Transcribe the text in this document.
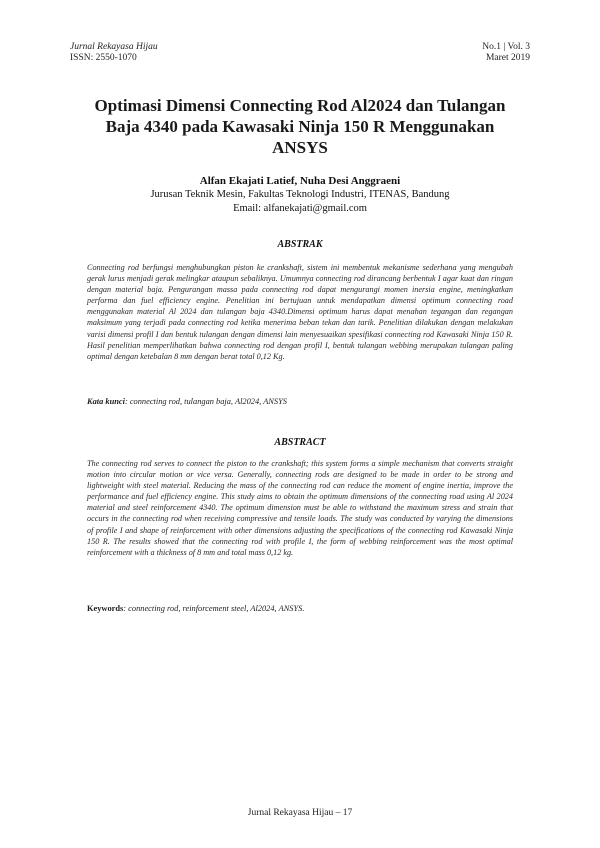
Jurnal Rekayasa Hijau
ISSN: 2550-1070
No.1 | Vol. 3
Maret 2019
Optimasi Dimensi Connecting Rod Al2024 dan Tulangan
Baja 4340 pada Kawasaki Ninja 150 R Menggunakan
ANSYS
Alfan Ekajati Latief, Nuha Desi Anggraeni
Jurusan Teknik Mesin, Fakultas Teknologi Industri, ITENAS, Bandung
Email: alfanekajati@gmail.com
ABSTRAK
Connecting rod berfungsi menghubungkan piston ke crankshaft, sistem ini membentuk mekanisme sederhana yang mengubah gerak lurus menjadi gerak melingkar ataupun sebaliknya. Umumnya connecting rod dirancang berbentuk I agar kuat dan ringan dengan material baja. Pengurangan massa pada connecting rod dapat mengurangi momen inersia engine, meningkatkan performa dan fuel efficiency engine. Penelitian ini bertujuan untuk mendapatkan dimensi optimum connecting road menggunakan material Al 2024 dan tulangan baja 4340.Dimensi optimum harus dapat menahan tegangan dan regangan maksimum yang terjadi pada connecting rod ketika menerima beban tekan dan tarik. Penelitian dilakukan dengan melakukan varisi dimensi profil I dan bentuk tulangan dengan dimensi lain menyesuaikan spesifikasi connecting rod Kawasaki Ninja 150 R. Hasil penelitian memperlihatkan bahwa connecting rod dengan profil I, bentuk tulangan webbing merupakan tulangan paling optimal dengan ketebalan 8 mm dengan berat total 0,12 Kg.
Kata kunci: connecting rod, tulangan baja, Al2024, ANSYS
ABSTRACT
The connecting rod serves to connect the piston to the crankshaft; this system forms a simple mechanism that converts straight motion into circular motion or vice versa. Generally, connecting rods are designed to be made in order to be strong and lightweight with steel material. Reducing the mass of the connecting rod can reduce the moment of engine inertia, improve the performance and fuel efficiency engine. This study aims to obtain the optimum dimensions of the connecting road using Al 2024 material and steel reinforcement 4340. The optimum dimension must be able to withstand the maximum stress and strain that occurs in the connecting rod when receiving compressive and tensile loads. The study was conducted by varying the dimensions of profile I and shape of reinforcement with other dimensions adjusting the specifications of the connecting rod Kawasaki Ninja 150 R. The results showed that the connecting rod with profile I, the form of webbing reinforcement was the most optimal reinforcement with a thickness of 8 mm and total mass 0,12 kg.
Keywords: connecting rod, reinforcement steel, Al2024, ANSYS.
Jurnal Rekayasa Hijau – 17
